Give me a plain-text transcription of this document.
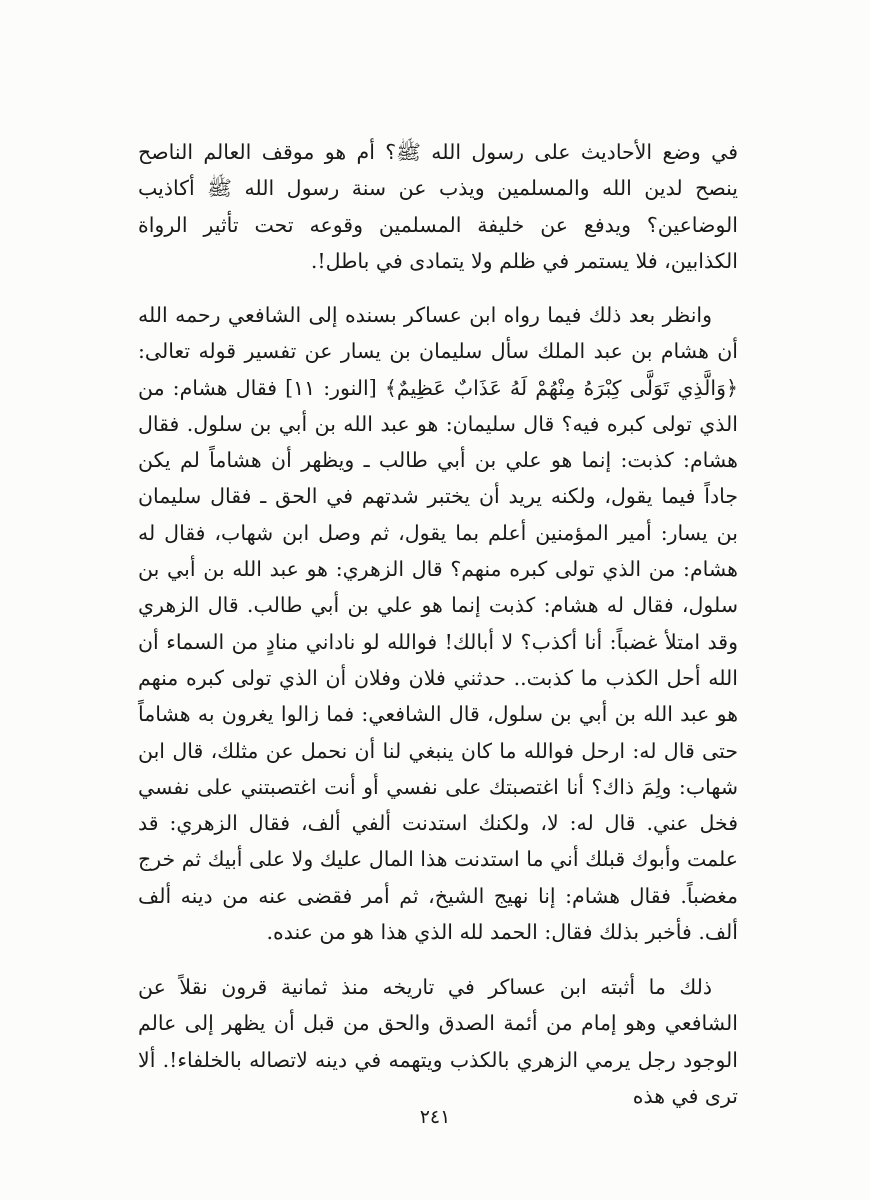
في وضع الأحاديث على رسول الله ﷺ؟ أم هو موقف العالم الناصح ينصح لدين الله والمسلمين ويذب عن سنة رسول الله ﷺ أكاذيب الوضاعين؟ ويدفع عن خليفة المسلمين وقوعه تحت تأثير الرواة الكذابين، فلا يستمر في ظلم ولا يتمادى في باطل!.

وانظر بعد ذلك فيما رواه ابن عساكر بسنده إلى الشافعي رحمه الله أن هشام بن عبد الملك سأل سليمان بن يسار عن تفسير قوله تعالى: ﴿وَالَّذِي تَوَلَّى كِبْرَهُ مِنْهُمْ لَهُ عَذَابٌ عَظِيمٌ﴾ [النور: ١١] فقال هشام: من الذي تولى كبره فيه؟ قال سليمان: هو عبد الله بن أبي بن سلول. فقال هشام: كذبت: إنما هو علي بن أبي طالب ـ ويظهر أن هشاماً لم يكن جاداً فيما يقول، ولكنه يريد أن يختبر شدتهم في الحق ـ فقال سليمان بن يسار: أمير المؤمنين أعلم بما يقول، ثم وصل ابن شهاب، فقال له هشام: من الذي تولى كبره منهم؟ قال الزهري: هو عبد الله بن أبي بن سلول، فقال له هشام: كذبت إنما هو علي بن أبي طالب. قال الزهري وقد امتلأ غضباً: أنا أكذب؟ لا أبالك! فوالله لو ناداني منادٍ من السماء أن الله أحل الكذب ما كذبت.. حدثني فلان وفلان أن الذي تولى كبره منهم هو عبد الله بن أبي بن سلول، قال الشافعي: فما زالوا يغرون به هشاماً حتى قال له: ارحل فوالله ما كان ينبغي لنا أن نحمل عن مثلك، قال ابن شهاب: ولِمَ ذاك؟ أنا اغتصبتك على نفسي أو أنت اغتصبتني على نفسي فخل عني. قال له: لا، ولكنك استدنت ألفي ألف، فقال الزهري: قد علمت وأبوك قبلك أني ما استدنت هذا المال عليك ولا على أبيك ثم خرج مغضباً. فقال هشام: إنا نهيج الشيخ، ثم أمر فقضى عنه من دينه ألف ألف. فأخبر بذلك فقال: الحمد لله الذي هذا هو من عنده.

ذلك ما أثبته ابن عساكر في تاريخه منذ ثمانية قرون نقلاً عن الشافعي وهو إمام من أئمة الصدق والحق من قبل أن يظهر إلى عالم الوجود رجل يرمي الزهري بالكذب ويتهمه في دينه لاتصاله بالخلفاء!. ألا ترى في هذه

٢٤١
